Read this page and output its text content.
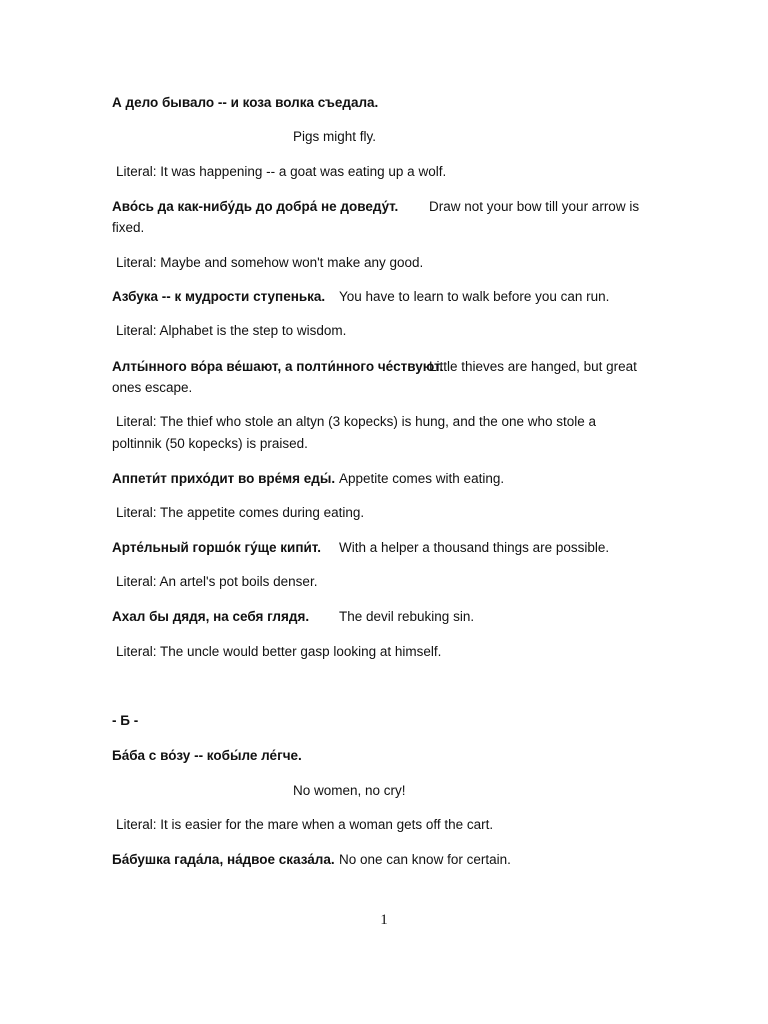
А дело бывало -- и коза волка съедала.
Pigs might fly.
Literal: It was happening -- a goat was eating up a wolf.
Аво́сь да как-нибу́дь до добра́ не доведу́т. Draw not your bow till your arrow is
fixed.
Literal: Maybe and somehow won't make any good.
Азбука -- к мудрости ступенька. You have to learn to walk before you can run.
Literal: Alphabet is the step to wisdom.
Алты́нного во́ра ве́шают, а полти́нного че́ствуют.
Little thieves are hanged, but great
ones escape.
Literal: The thief who stole an altyn (3 kopecks) is hung, and the one who stole a
poltinnik (50 kopecks) is praised.
Аппети́т прихо́дит во вре́мя еды́. Appetite comes with eating.
Literal: The appetite comes during eating.
Арте́льный горшо́к гу́ще кипи́т. With a helper a thousand things are possible.
Literal: An artel's pot boils denser.
Ахал бы дядя, на себя глядя. The devil rebuking sin.
Literal: The uncle would better gasp looking at himself.
- Б -
Ба́ба с во́зу -- кобы́ле ле́гче.
No women, no cry!
Literal: It is easier for the mare when a woman gets off the cart.
Ба́бушка гада́ла, на́двое сказа́ла. No one can know for certain.
1
